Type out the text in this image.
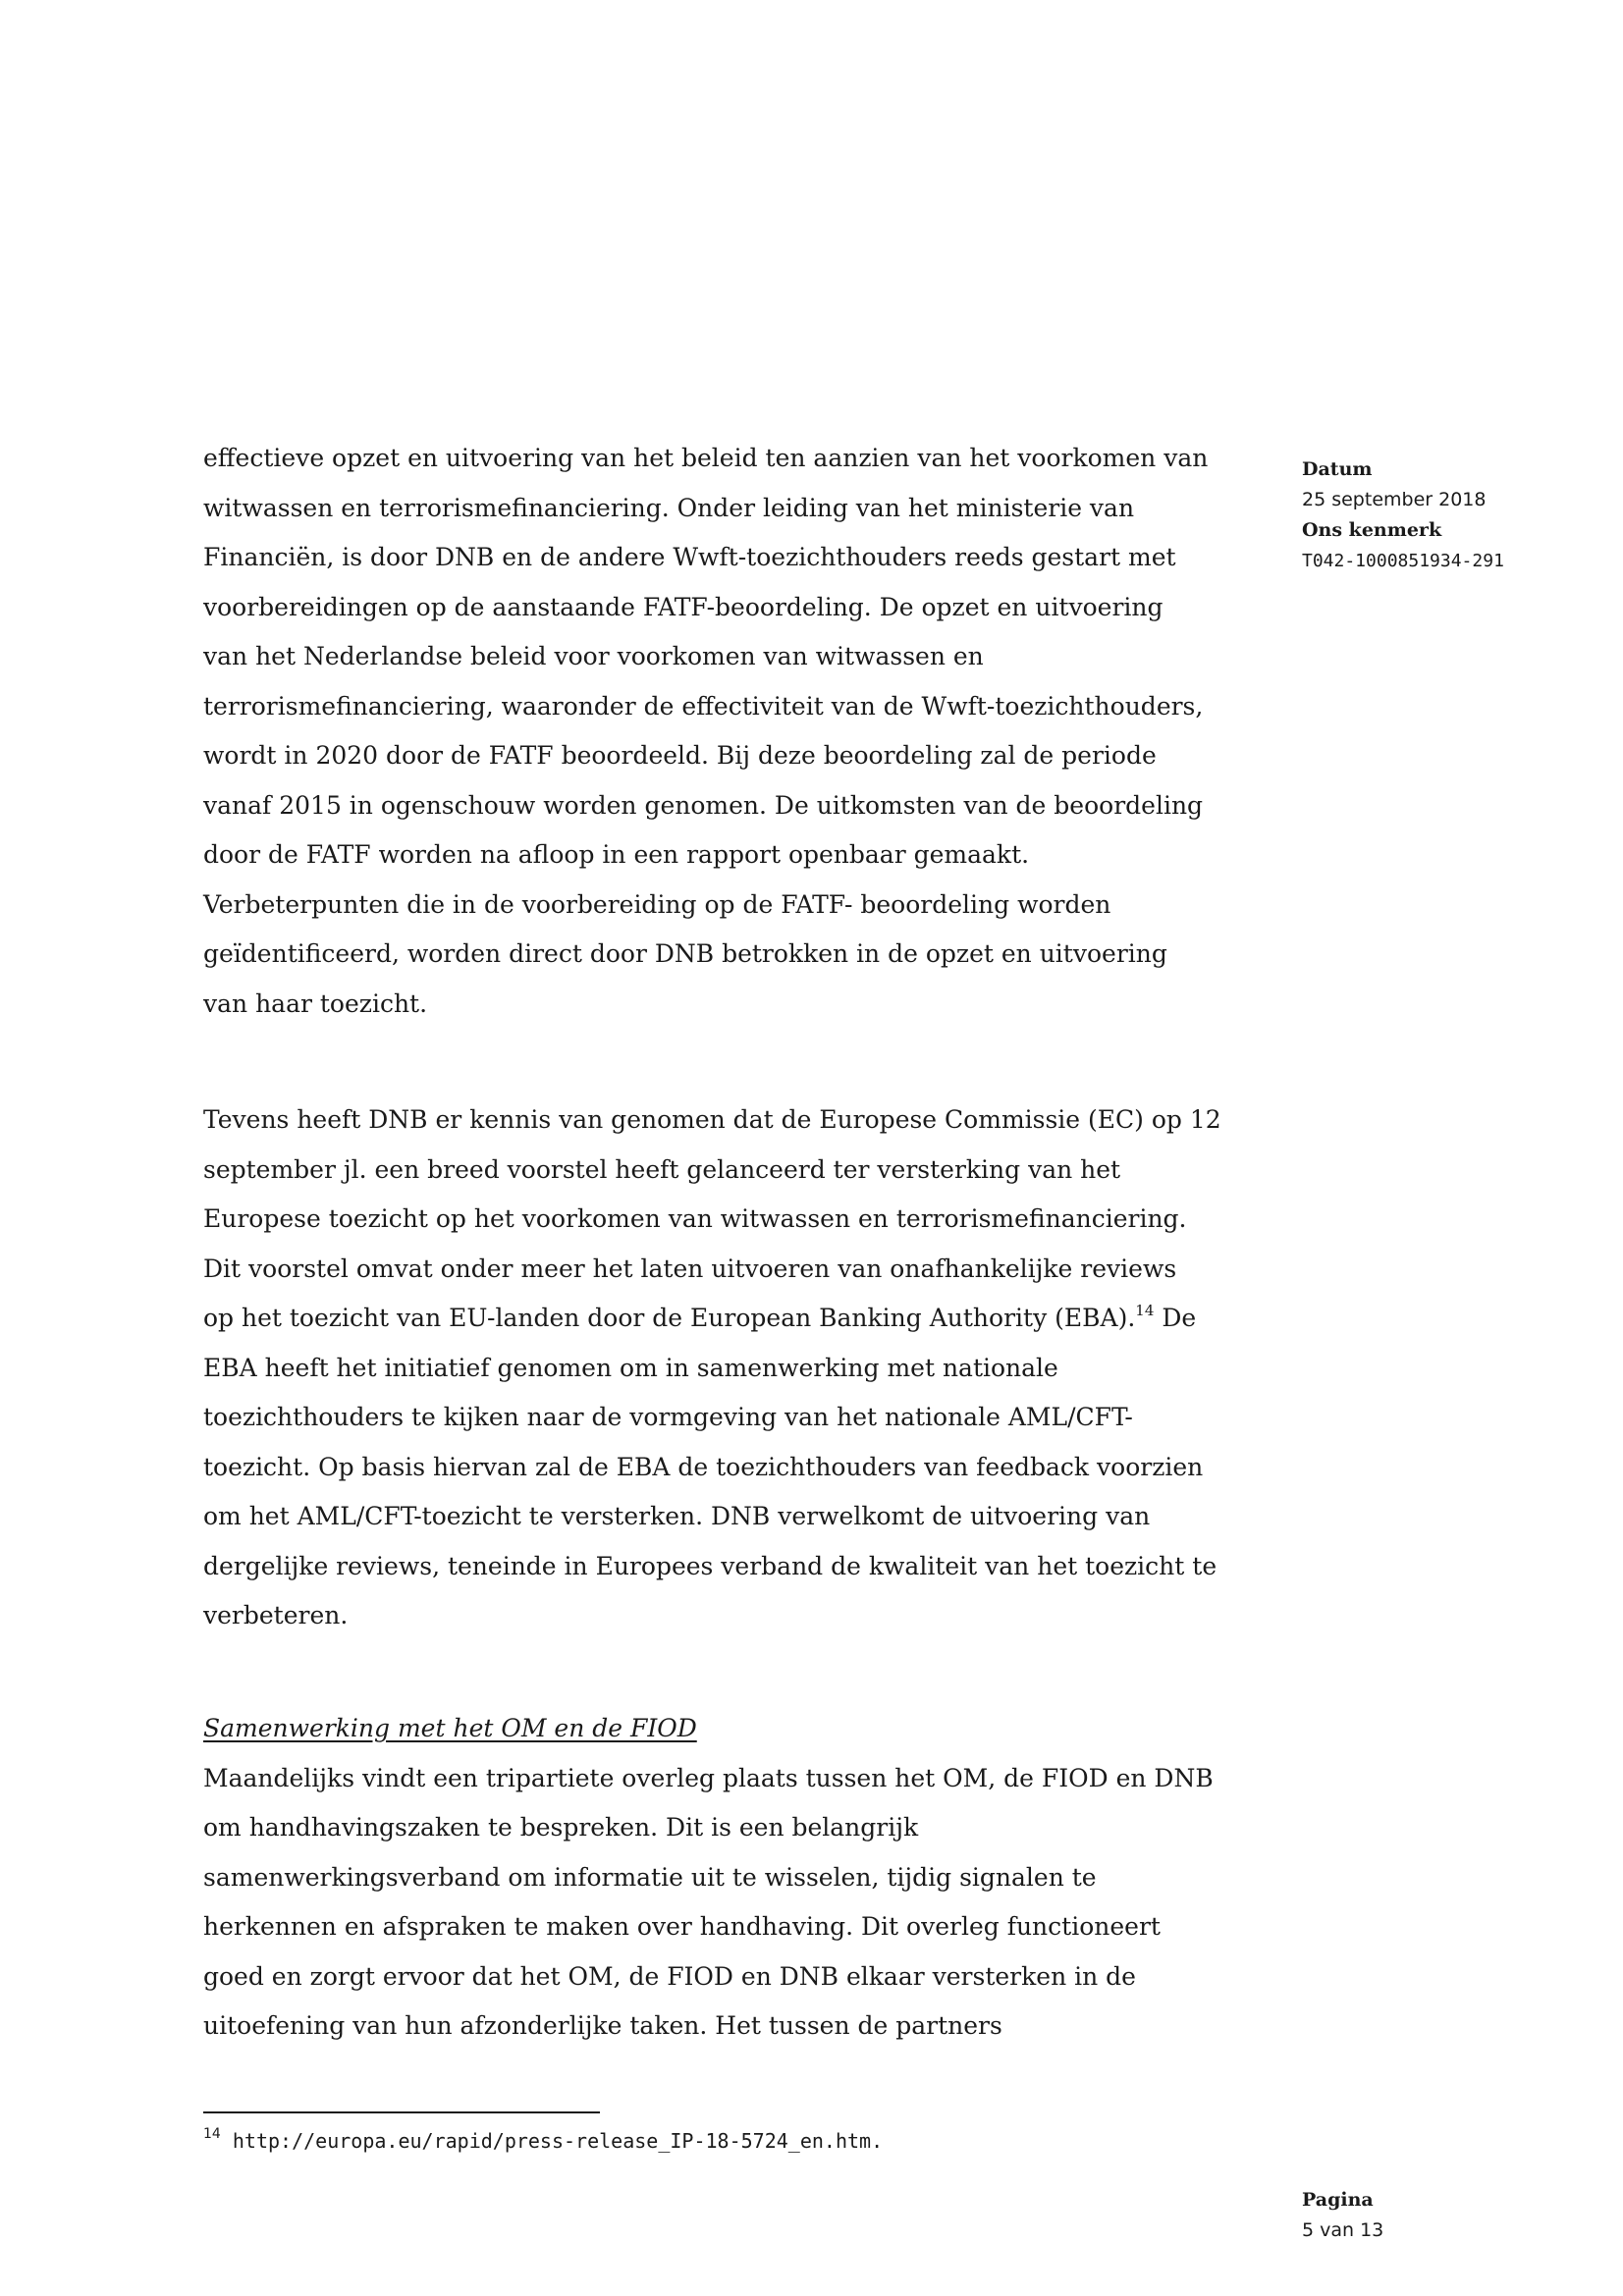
effectieve opzet en uitvoering van het beleid ten aanzien van het voorkomen van

witwassen en terrorismefinanciering. Onder leiding van het ministerie van

Financiën, is door DNB en de andere Wwft-toezichthouders reeds gestart met

voorbereidingen op de aanstaande FATF-beoordeling. De opzet en uitvoering

van het Nederlandse beleid voor voorkomen van witwassen en

terrorismefinanciering, waaronder de effectiviteit van de Wwft-toezichthouders,

wordt in 2020 door de FATF beoordeeld. Bij deze beoordeling zal de periode

vanaf 2015 in ogenschouw worden genomen. De uitkomsten van de beoordeling

door de FATF worden na afloop in een rapport openbaar gemaakt.

Verbeterpunten die in de voorbereiding op de FATF- beoordeling worden

geïdentificeerd, worden direct door DNB betrokken in de opzet en uitvoering

van haar toezicht.

Tevens heeft DNB er kennis van genomen dat de Europese Commissie (EC) op 12

september jl. een breed voorstel heeft gelanceerd ter versterking van het

Europese toezicht op het voorkomen van witwassen en terrorismefinanciering.

Dit voorstel omvat onder meer het laten uitvoeren van onafhankelijke reviews

op het toezicht van EU-landen door de European Banking Authority (EBA).$^{14}$ De

EBA heeft het initiatief genomen om in samenwerking met nationale

toezichthouders te kijken naar de vormgeving van het nationale AML/CFT-

toezicht. Op basis hiervan zal de EBA de toezichthouders van feedback voorzien

om het AML/CFT-toezicht te versterken. DNB verwelkomt de uitvoering van

dergelijke reviews, teneinde in Europees verband de kwaliteit van het toezicht te

verbeteren.

Samenwerking met het OM en de FIOD

Maandelijks vindt een tripartiete overleg plaats tussen het OM, de FIOD en DNB

om handhavingszaken te bespreken. Dit is een belangrijk

samenwerkingsverband om informatie uit te wisselen, tijdig signalen te

herkennen en afspraken te maken over handhaving. Dit overleg functioneert

goed en zorgt ervoor dat het OM, de FIOD en DNB elkaar versterken in de

uitoefening van hun afzonderlijke taken. Het tussen de partners

Datum
25 september 2018
Ons kenmerk
T042-1000851934-291
$^{14}$ http://europa.eu/rapid/press-release_IP-18-5724_en.htm.
Pagina
5 van 13
